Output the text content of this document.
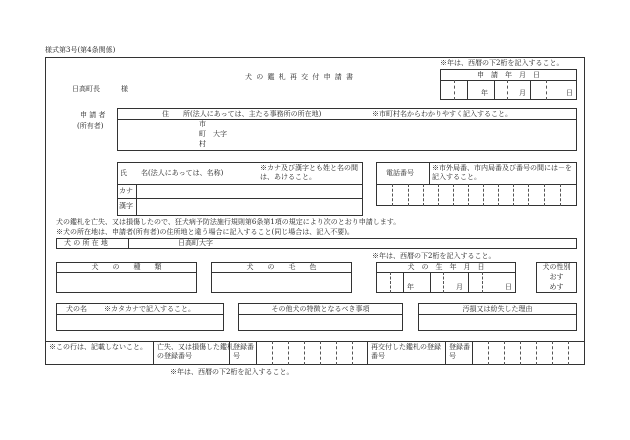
様式第3号(第4条関係)
※年は、西暦の下2桁を記入すること。
犬 の 鑑 札 再 交 付 申 請 書
日高町長	様
申　請　年　月　日
年	月	日
申 請 者
(所有者)
住　　所(法人にあっては、主たる事務所の所在地)	※市町村名からわかりやすく記入すること。
市
町　大字
村
氏　　名(法人にあっては、名称)
※カナ及び漢字とも姓と名の間は、あけること。
カナ
漢字
電話番号
※市外局番、市内局番及び番号の間には－を記入すること。
犬の鑑札を亡失、又は損傷したので、狂犬病予防法施行規則第6条第1項の規定により次のとおり申請します。
※犬の所在地は、申請者(所有者)の住所地と違う場合に記入すること(同じ場合は、記入不要)。
犬 の 所 在 地	日高町大字
※年は、西暦の下2桁を記入すること。
犬　　の　　種　　類	犬　　の　　毛　　色	犬　の　生　年　月　日
年	月	日
犬の性別
おす
めす
犬の名 ※カタカナで記入すること。	その他犬の特徴となるべき事項	汚損又は紛失した理由
※この行は、記載しないこと。 亡失、又は損傷した鑑札の登録番号
登録番号
再交付した鑑札の登録番号
登録番号
※年は、西暦の下2桁を記入すること。
